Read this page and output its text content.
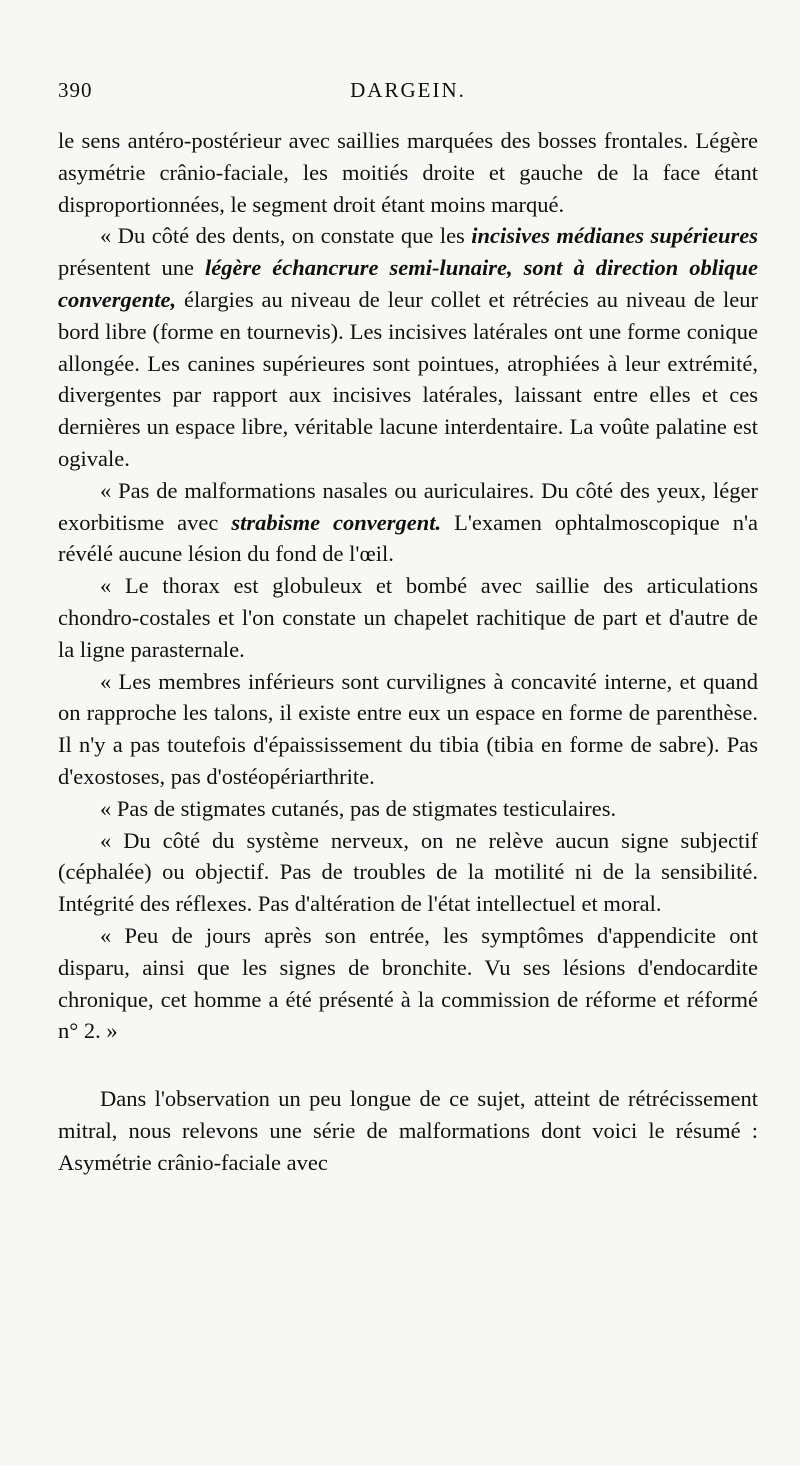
390	DARGEIN.

le sens antéro-postérieur avec saillies marquées des bosses frontales. Légère asymétrie crânio-faciale, les moitiés droite et gauche de la face étant disproportionnées, le segment droit étant moins marqué.

« Du côté des dents, on constate que les incisives médianes supérieures présentent une légère échancrure semi-lunaire, sont à direction oblique convergente, élargies au niveau de leur collet et rétrécies au niveau de leur bord libre (forme en tournevis). Les incisives latérales ont une forme conique allongée. Les canines supérieures sont pointues, atrophiées à leur extrémité, divergentes par rapport aux incisives latérales, laissant entre elles et ces dernières un espace libre, véritable lacune interdentaire. La voûte palatine est ogivale.

« Pas de malformations nasales ou auriculaires. Du côté des yeux, léger exorbitisme avec strabisme convergent. L'examen ophtalmoscopique n'a révélé aucune lésion du fond de l'œil.

« Le thorax est globuleux et bombé avec saillie des articulations chondro-costales et l'on constate un chapelet rachitique de part et d'autre de la ligne parasternale.

« Les membres inférieurs sont curvilignes à concavité interne, et quand on rapproche les talons, il existe entre eux un espace en forme de parenthèse. Il n'y a pas toutefois d'épaississement du tibia (tibia en forme de sabre). Pas d'exostoses, pas d'ostéopériarthrite.

« Pas de stigmates cutanés, pas de stigmates testiculaires.

« Du côté du système nerveux, on ne relève aucun signe subjectif (céphalée) ou objectif. Pas de troubles de la motilité ni de la sensibilité. Intégrité des réflexes. Pas d'altération de l'état intellectuel et moral.

« Peu de jours après son entrée, les symptômes d'appendicite ont disparu, ainsi que les signes de bronchite. Vu ses lésions d'endocardite chronique, cet homme a été présenté à la commission de réforme et réformé n° 2. »

Dans l'observation un peu longue de ce sujet, atteint de rétrécissement mitral, nous relevons une série de malformations dont voici le résumé : Asymétrie crânio-faciale avec
